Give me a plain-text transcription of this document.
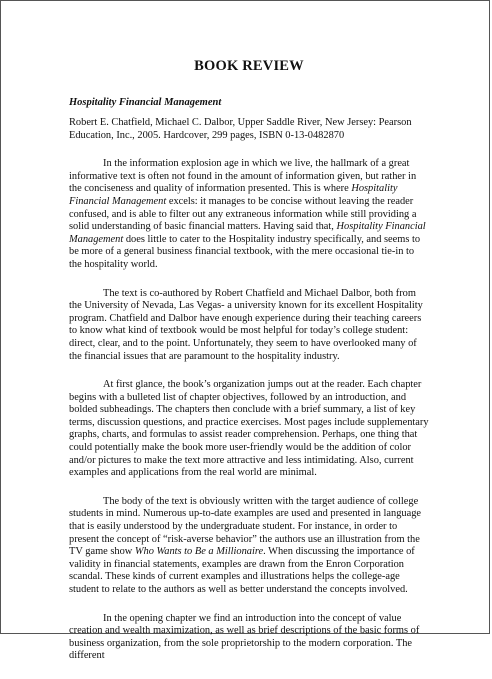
BOOK REVIEW
Hospitality Financial Management
Robert E. Chatfield, Michael C. Dalbor, Upper Saddle River, New Jersey: Pearson Education, Inc., 2005. Hardcover, 299 pages, ISBN 0-13-0482870

In the information explosion age in which we live, the hallmark of a great informative text is often not found in the amount of information given, but rather in the conciseness and quality of information presented. This is where Hospitality Financial Management excels: it manages to be concise without leaving the reader confused, and is able to filter out any extraneous information while still providing a solid understanding of basic financial matters. Having said that, Hospitality Financial Management does little to cater to the Hospitality industry specifically, and seems to be more of a general business financial textbook, with the mere occasional tie-in to the hospitality world.

The text is co-authored by Robert Chatfield and Michael Dalbor, both from the University of Nevada, Las Vegas- a university known for its excellent Hospitality program. Chatfield and Dalbor have enough experience during their teaching careers to know what kind of textbook would be most helpful for today’s college student: direct, clear, and to the point. Unfortunately, they seem to have overlooked many of the financial issues that are paramount to the hospitality industry.

At first glance, the book’s organization jumps out at the reader. Each chapter begins with a bulleted list of chapter objectives, followed by an introduction, and bolded subheadings. The chapters then conclude with a brief summary, a list of key terms, discussion questions, and practice exercises. Most pages include supplementary graphs, charts, and formulas to assist reader comprehension. Perhaps, one thing that could potentially make the book more user-friendly would be the addition of color and/or pictures to make the text more attractive and less intimidating. Also, current examples and applications from the real world are minimal.

The body of the text is obviously written with the target audience of college students in mind. Numerous up-to-date examples are used and presented in language that is easily understood by the undergraduate student. For instance, in order to present the concept of “risk-averse behavior” the authors use an illustration from the TV game show Who Wants to Be a Millionaire. When discussing the importance of validity in financial statements, examples are drawn from the Enron Corporation scandal. These kinds of current examples and illustrations helps the college-age student to relate to the authors as well as better understand the concepts involved.

In the opening chapter we find an introduction into the concept of value creation and wealth maximization, as well as brief descriptions of the basic forms of business organization, from the sole proprietorship to the modern corporation. The different
